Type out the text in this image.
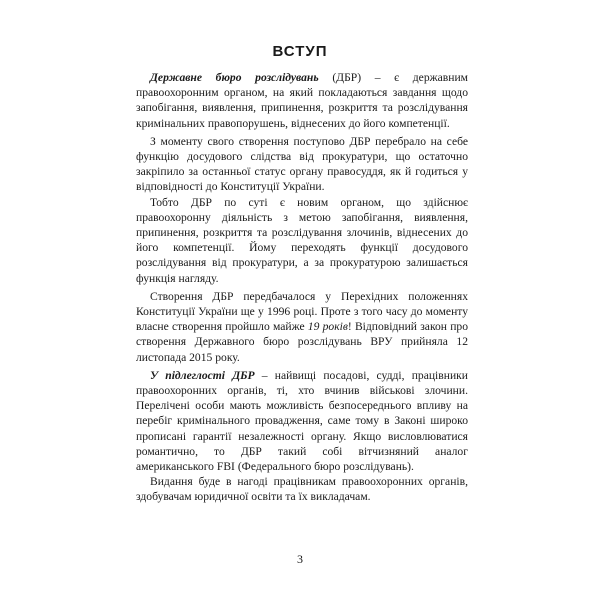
ВСТУП

Державне бюро розслідувань (ДБР) – є державним правоохоронним органом, на який покладаються завдання щодо запобігання, виявлення, припинення, розкриття та розслідування кримінальних правопорушень, віднесених до його компетенції.

З моменту свого створення поступово ДБР перебрало на себе функцію досудового слідства від прокуратури, що остаточно закріпило за останньої статус органу правосуддя, як й годиться у відповідності до Конституції України.

Тобто ДБР по суті є новим органом, що здійснює правоохоронну діяльність з метою запобігання, виявлення, припинення, розкриття та розслідування злочинів, віднесених до його компетенції. Йому переходять функції досудового розслідування від прокуратури, а за прокуратурою залишається функція нагляду.

Створення ДБР передбачалося у Перехідних положеннях Конституції України ще у 1996 році. Проте з того часу до моменту власне створення пройшло майже 19 років! Відповідний закон про створення Державного бюро розслідувань ВРУ прийняла 12 листопада 2015 року.

У підлеглості ДБР – найвищі посадові, судді, працівники правоохоронних органів, ті, хто вчинив військові злочини. Перелічені особи мають можливість безпосереднього впливу на перебіг кримінального провадження, саме тому в Законі широко прописані гарантії незалежності органу. Якщо висловлюватися романтично, то ДБР такий собі вітчизняний аналог американського FBI (Федерального бюро розслідувань).

Видання буде в нагоді працівникам правоохоронних органів, здобувачам юридичної освіти та їх викладачам.

3
